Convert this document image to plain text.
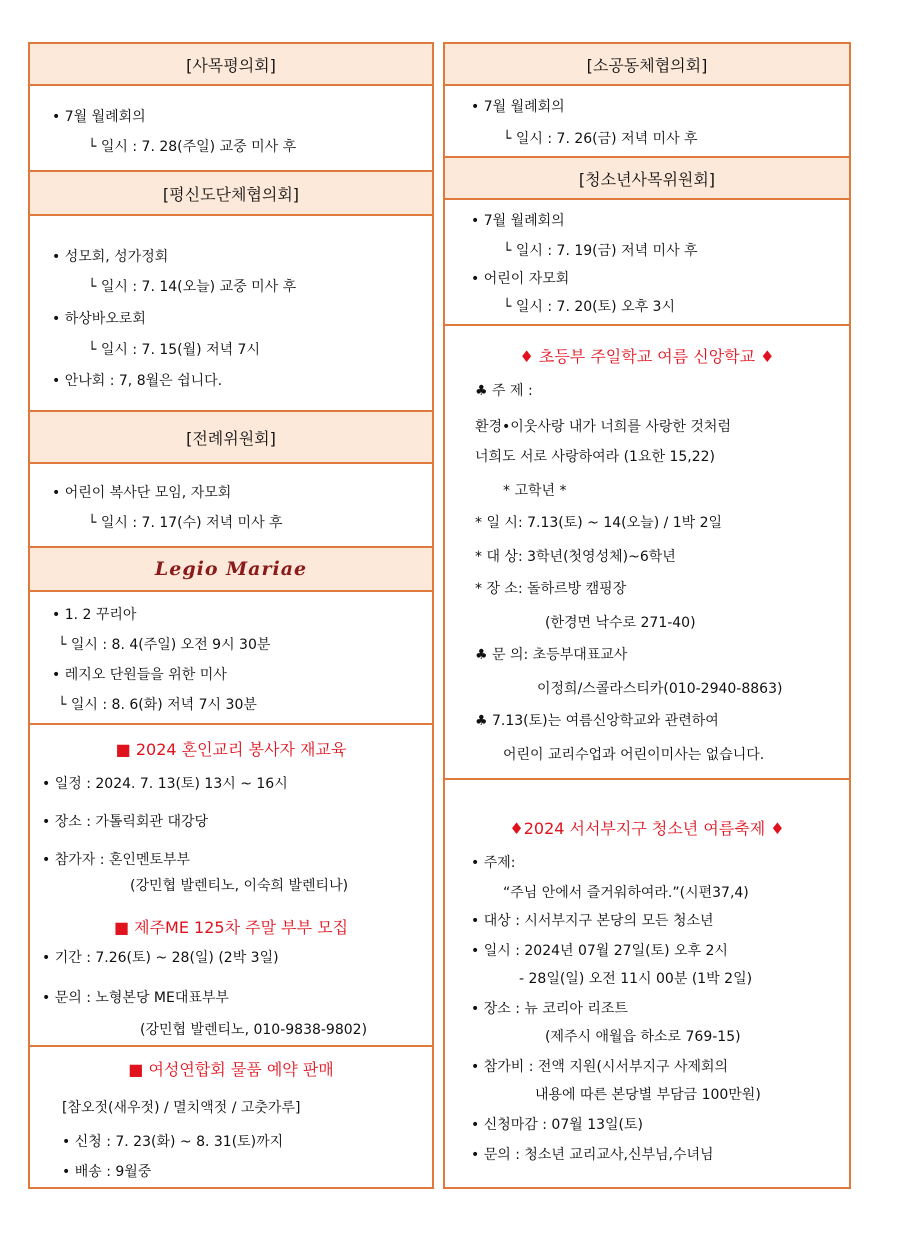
[사목평의회]
• 7월 월례회의
└ 일시 : 7. 28(주일) 교중 미사 후
[평신도단체협의회]
• 성모회, 성가정회
└ 일시 : 7. 14(오늘) 교중 미사 후
• 하상바오로회
└ 일시 : 7. 15(월) 저녁 7시
• 안나회 : 7, 8월은 쉽니다.
[전례위원회]
• 어린이 복사단 모임, 자모회
└ 일시 : 7. 17(수) 저녁 미사 후
Legio Mariae
• 1. 2 꾸리아
└ 일시 : 8. 4(주일) 오전 9시 30분
• 레지오 단원들을 위한 미사
└ 일시 : 8. 6(화) 저녁 7시 30분
■ 2024 혼인교리 봉사자 재교육
• 일정 : 2024. 7. 13(토) 13시 ~ 16시
• 장소 : 가톨릭회관 대강당
• 참가자 : 혼인멘토부부
(강민협 발렌티노, 이숙희 발렌티나)
■ 제주ME 125차 주말 부부 모집
• 기간 : 7.26(토) ~ 28(일) (2박 3일)
• 문의 : 노형본당 ME대표부부
(강민협 발렌티노, 010-9838-9802)
■ 여성연합회 물품 예약 판매
[참오젓(새우젓) / 멸치액젓 / 고춧가루]
• 신청 : 7. 23(화) ~ 8. 31(토)까지
• 배송 : 9월중
[소공동체협의회]
• 7월 월례회의
└ 일시 : 7. 26(금) 저녁 미사 후
[청소년사목위원회]
• 7월 월례회의
└ 일시 : 7. 19(금) 저녁 미사 후
• 어린이 자모회
└ 일시 : 7. 20(토) 오후 3시
♦ 초등부 주일학교 여름 신앙학교 ♦
♣ 주 제 :
환경•이웃사랑 내가 너희를 사랑한 것처럼
너희도 서로 사랑하여라 (1요한 15,22)
* 고학년 *
* 일 시: 7.13(토) ~ 14(오늘) / 1박 2일
* 대 상: 3학년(첫영성체)~6학년
* 장 소: 돌하르방 캠핑장
(한경면 낙수로 271-40)
♣ 문 의: 초등부대표교사
이정희/스콜라스티카(010-2940-8863)
♣ 7.13(토)는 여름신앙학교와 관련하여
어린이 교리수업과 어린이미사는 없습니다.
♦2024 서서부지구 청소년 여름축제 ♦
• 주제:
“주님 안에서 즐거워하여라.”(시편37,4)
• 대상 : 시서부지구 본당의 모든 청소년
• 일시 : 2024년 07월 27일(토) 오후 2시
- 28일(일) 오전 11시 00분 (1박 2일)
• 장소 : 뉴 코리아 리조트
(제주시 애월읍 하소로 769-15)
• 참가비 : 전액 지원(시서부지구 사제회의
내용에 따른 본당별 부담금 100만원)
• 신청마감 : 07월 13일(토)
• 문의 : 청소년 교리교사,신부님,수녀님
